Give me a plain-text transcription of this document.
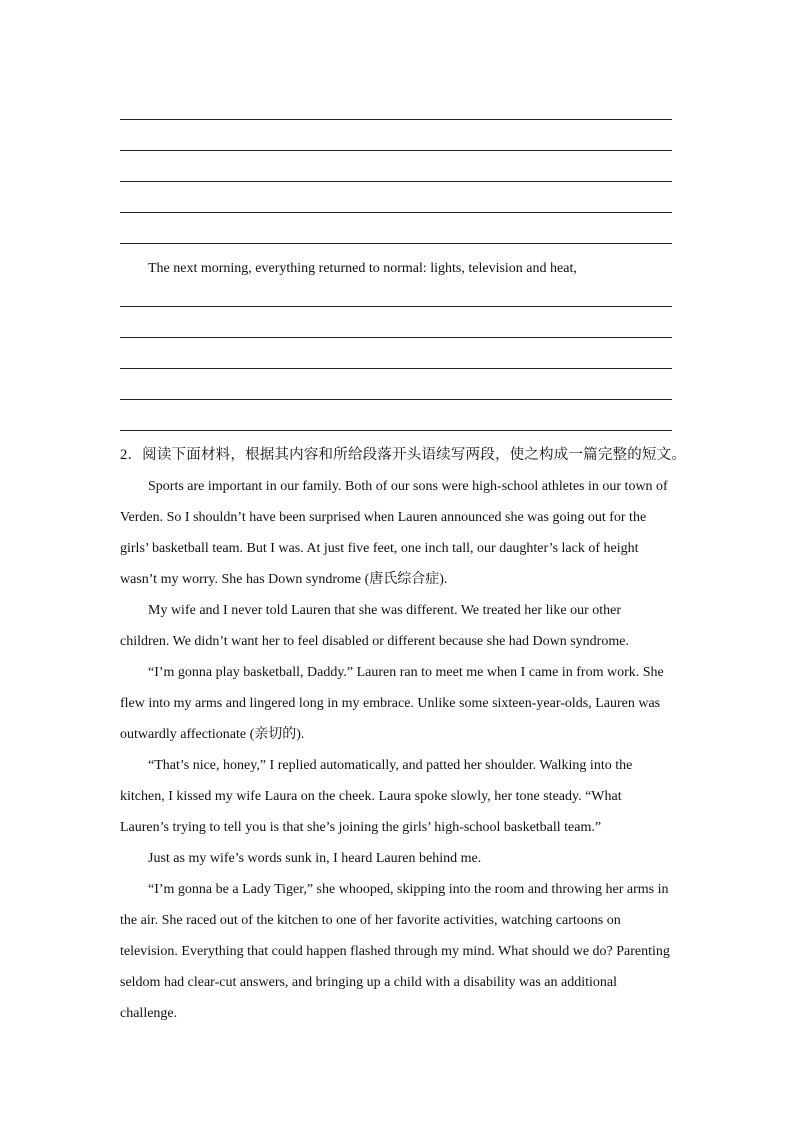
The next morning, everything returned to normal: lights, television and heat,

2．阅读下面材料，根据其内容和所给段落开头语续写两段，使之构成一篇完整的短文。

Sports are important in our family. Both of our sons were high-school athletes in our town of

Verden. So I shouldn’t have been surprised when Lauren announced she was going out for the

girls’ basketball team. But I was. At just five feet, one inch tall, our daughter’s lack of height

wasn’t my worry. She has Down syndrome (唐氏综合症).

My wife and I never told Lauren that she was different. We treated her like our other

children. We didn’t want her to feel disabled or different because she had Down syndrome.

“I’m gonna play basketball, Daddy.” Lauren ran to meet me when I came in from work. She

flew into my arms and lingered long in my embrace. Unlike some sixteen-year-olds, Lauren was

outwardly affectionate (亲切的).

“That’s nice, honey,” I replied automatically, and patted her shoulder. Walking into the

kitchen, I kissed my wife Laura on the cheek. Laura spoke slowly, her tone steady. “What

Lauren’s trying to tell you is that she’s joining the girls’ high-school basketball team.”

Just as my wife’s words sunk in, I heard Lauren behind me.

“I’m gonna be a Lady Tiger,” she whooped, skipping into the room and throwing her arms in

the air. She raced out of the kitchen to one of her favorite activities, watching cartoons on

television. Everything that could happen flashed through my mind. What should we do? Parenting

seldom had clear-cut answers, and bringing up a child with a disability was an additional

challenge.
